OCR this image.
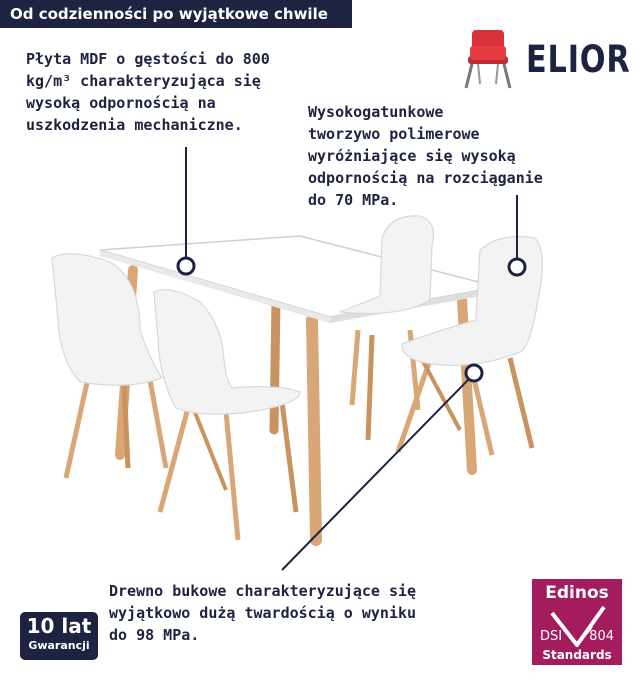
Od codzienności po wyjątkowe chwile
ELIOR
Płyta MDF o gęstości do 800
kg/m³ charakteryzująca się
wysoką odpornością na
uszkodzenia mechaniczne.
Wysokogatunkowe
tworzywo polimerowe
wyróżniające się wysoką
odpornością na rozciąganie
do 70 MPa.
Drewno bukowe charakteryzujące się
wyjątkowo dużą twardością o wyniku
do 98 MPa.
10 lat
Gwarancji
Edinos
DSI 804
Standards
